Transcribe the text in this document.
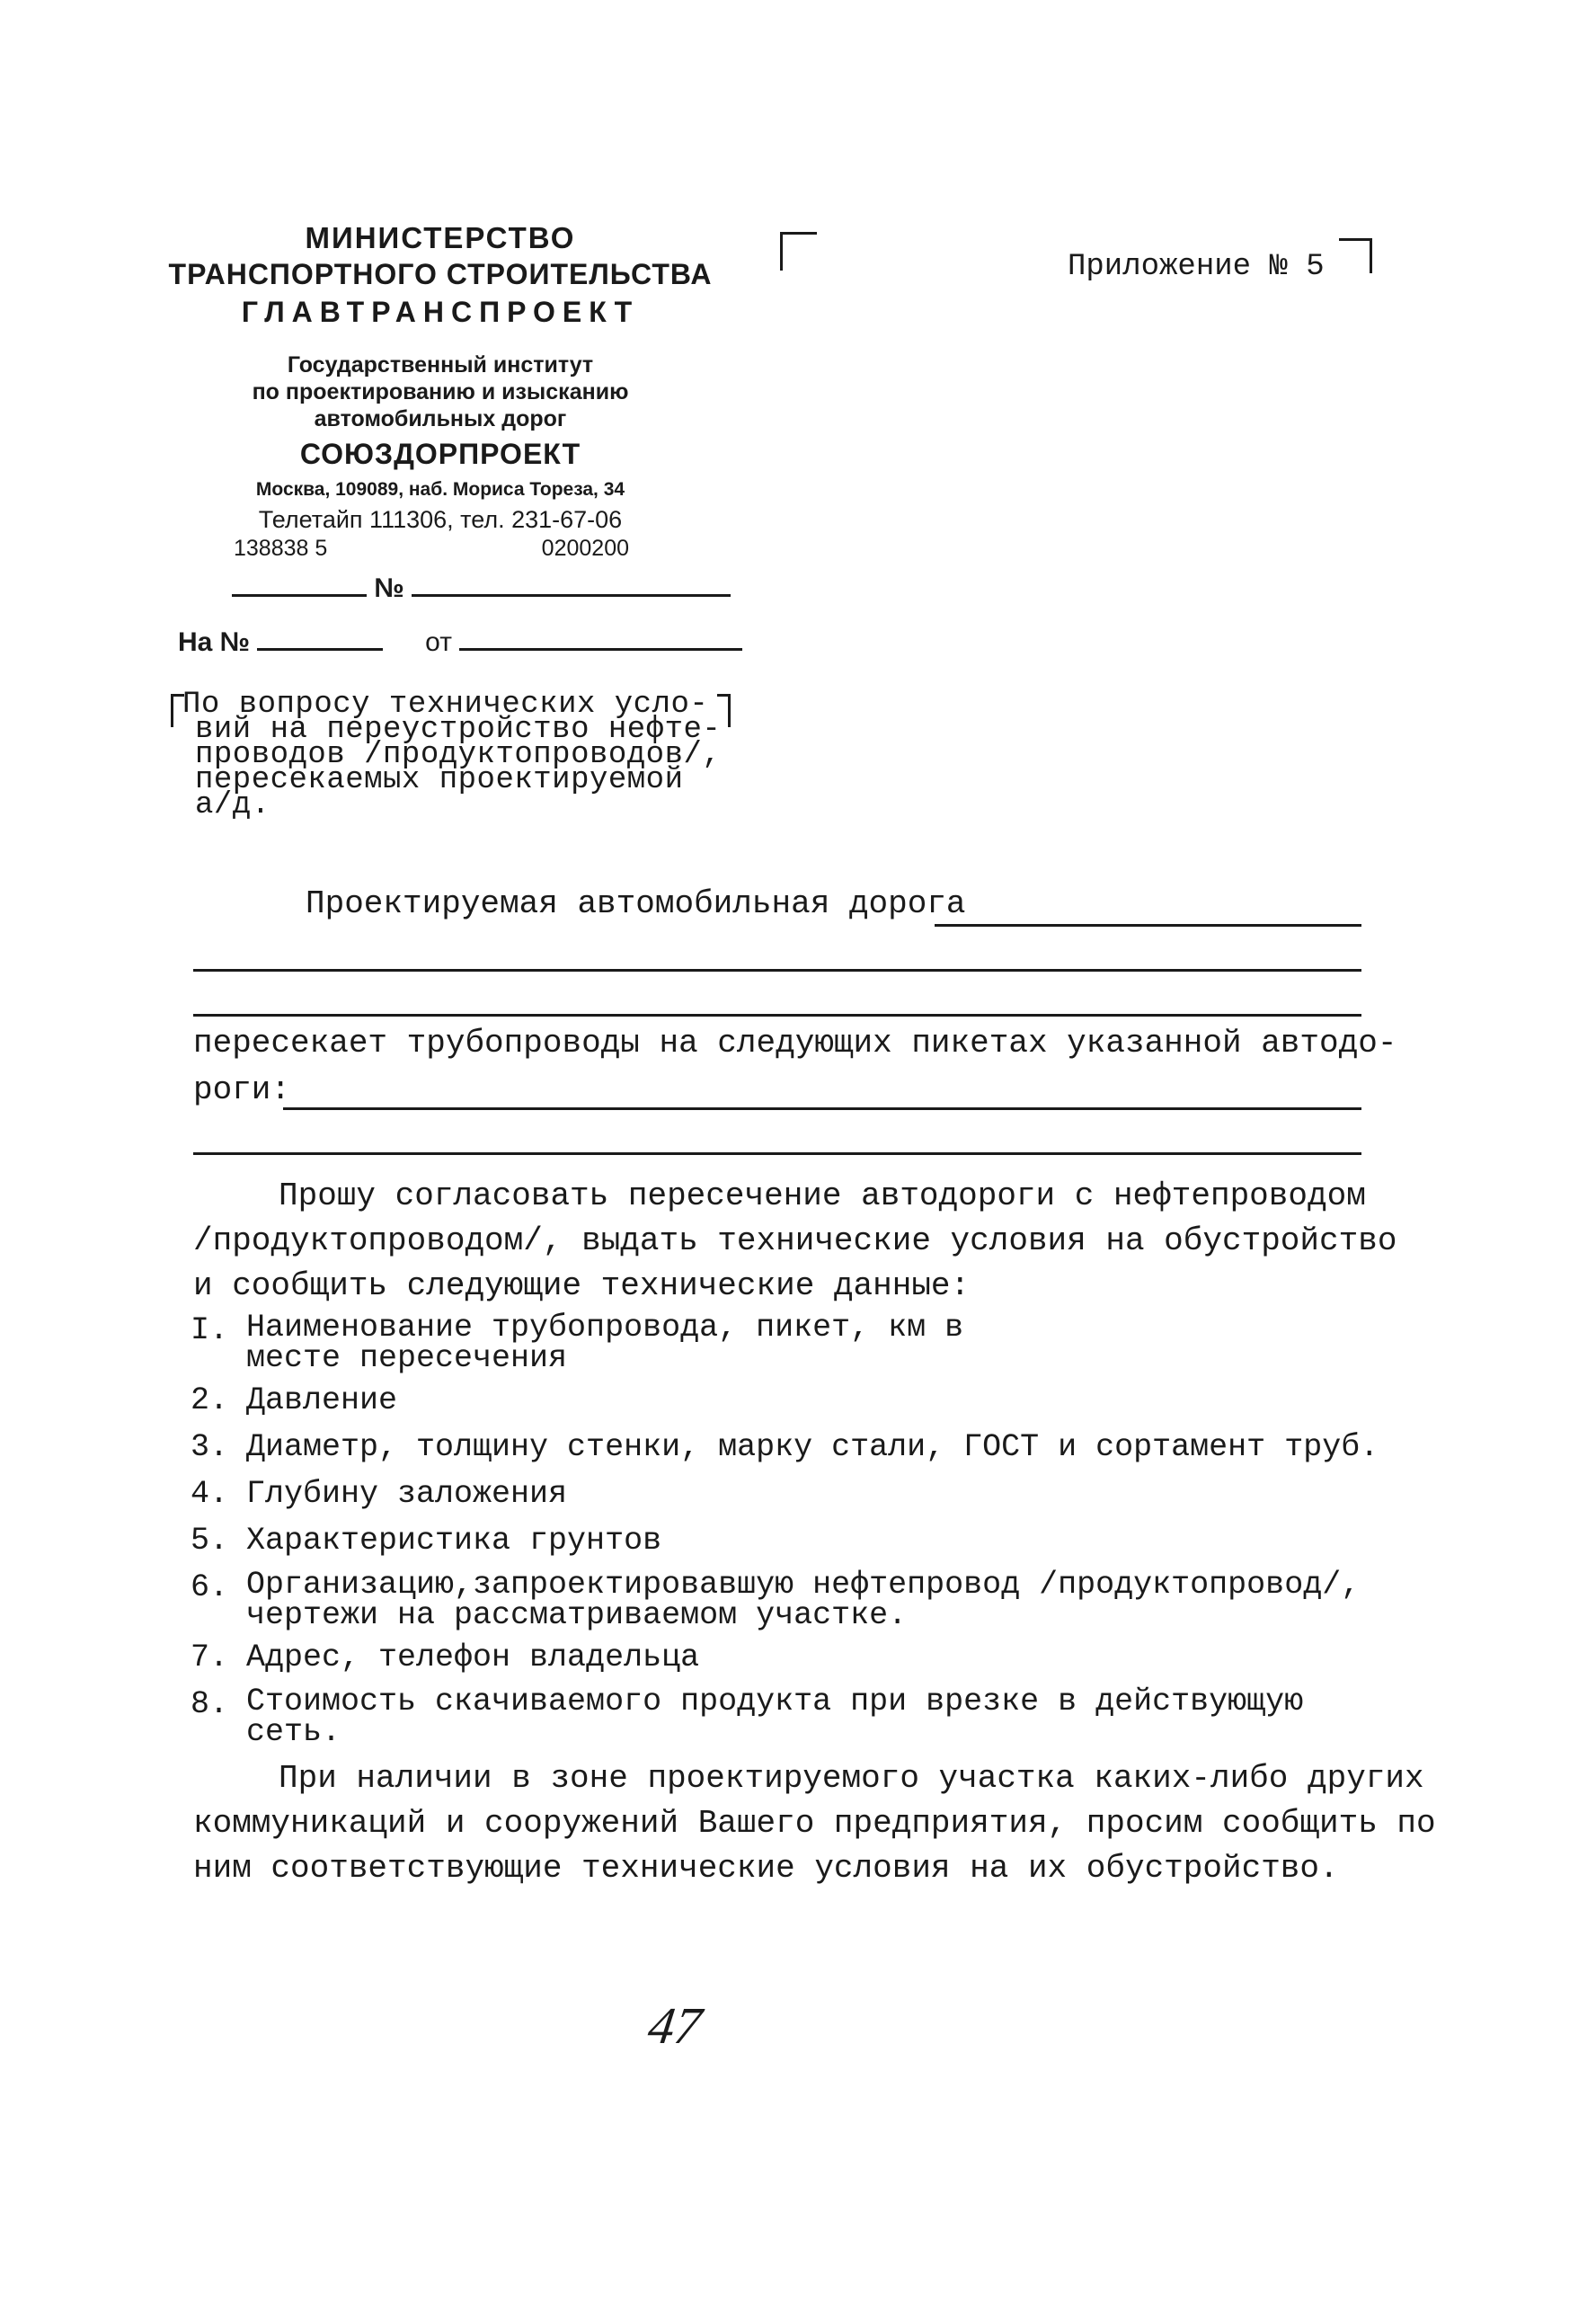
МИНИСТЕРСТВО
ТРАНСПОРТНОГО СТРОИТЕЛЬСТВА
ГЛАВТРАНСПРОЕКТ
Государственный институт
по проектированию и изысканию
автомобильных дорог
СОЮЗДОРПРОЕКТ
Москва, 109089, наб. Мориса Тореза, 34
Телетайп 111306, тел. 231-67-06
138838 5	0200200
Приложение № 5
№
На №	от
По вопросу технических усло-
вий на переустройство нефте-
проводов /продуктопроводов/,
пересекаемых проектируемой
а/д.
Проектируемая автомобильная дорога
пересекает трубопроводы на следующих пикетах указанной автодо-
роги:
Прошу согласовать пересечение автодороги с нефтепроводом
/продуктопроводом/, выдать технические условия на обустройство
и сообщить следующие технические данные:
I. Наименование трубопровода, пикет, км в
месте пересечения
2. Давление
3. Диаметр, толщину стенки, марку стали, ГОСТ и сортамент труб.
4. Глубину заложения
5. Характеристика грунтов
6. Организацию,запроектировавшую нефтепровод /продуктопровод/,
чертежи на рассматриваемом участке.
7. Адрес, телефон владельца
8. Стоимость скачиваемого продукта при врезке в действующую
сеть.
При наличии в зоне проектируемого участка каких-либо других
коммуникаций и сооружений Вашего предприятия, просим сообщить по
ним соответствующие технические условия на их обустройство.
47
